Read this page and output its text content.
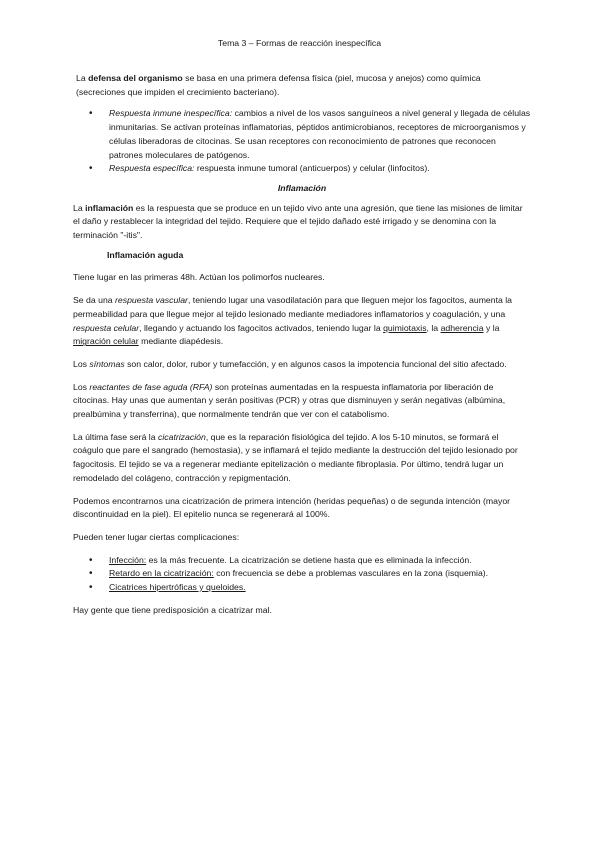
Tema 3 – Formas de reacción inespecífica

La defensa del organismo se basa en una primera defensa física (piel, mucosa y anejos) como química (secreciones que impiden el crecimiento bacteriano).

• Respuesta inmune inespecífica: cambios a nivel de los vasos sanguíneos a nivel general y llegada de células inmunitarias. Se activan proteínas inflamatorias, péptidos antimicrobianos, receptores de microorganismos y células liberadoras de citocinas. Se usan receptores con reconocimiento de patrones que reconocen patrones moleculares de patógenos.
• Respuesta específica: respuesta inmune tumoral (anticuerpos) y celular (linfocitos).

Inflamación

La inflamación es la respuesta que se produce en un tejido vivo ante una agresión, que tiene las misiones de limitar el daño y restablecer la integridad del tejido. Requiere que el tejido dañado esté irrigado y se denomina con la terminación "-itis".

Inflamación aguda

Tiene lugar en las primeras 48h. Actúan los polimorfos nucleares.

Se da una respuesta vascular, teniendo lugar una vasodilatación para que lleguen mejor los fagocitos, aumenta la permeabilidad para que llegue mejor al tejido lesionado mediante mediadores inflamatorios y coagulación, y una respuesta celular, llegando y actuando los fagocitos activados, teniendo lugar la quimiotaxis, la adherencia y la migración celular mediante diapédesis.

Los síntomas son calor, dolor, rubor y tumefacción, y en algunos casos la impotencia funcional del sitio afectado.

Los reactantes de fase aguda (RFA) son proteínas aumentadas en la respuesta inflamatoria por liberación de citocinas. Hay unas que aumentan y serán positivas (PCR) y otras que disminuyen y serán negativas (albúmina, prealbúmina y transferrina), que normalmente tendrán que ver con el catabolismo.

La última fase será la cicatrización, que es la reparación fisiológica del tejido. A los 5-10 minutos, se formará el coágulo que pare el sangrado (hemostasia), y se inflamará el tejido mediante la destrucción del tejido lesionado por fagocitosis. El tejido se va a regenerar mediante epitelización o mediante fibroplasia. Por último, tendrá lugar un remodelado del colágeno, contracción y repigmentación.

Podemos encontrarnos una cicatrización de primera intención (heridas pequeñas) o de segunda intención (mayor discontinuidad en la piel). El epitelio nunca se regenerará al 100%.

Pueden tener lugar ciertas complicaciones:

• Infección: es la más frecuente. La cicatrización se detiene hasta que es eliminada la infección.
• Retardo en la cicatrización: con frecuencia se debe a problemas vasculares en la zona (isquemia).
• Cicatrices hipertróficas y queloides.

Hay gente que tiene predisposición a cicatrizar mal.
